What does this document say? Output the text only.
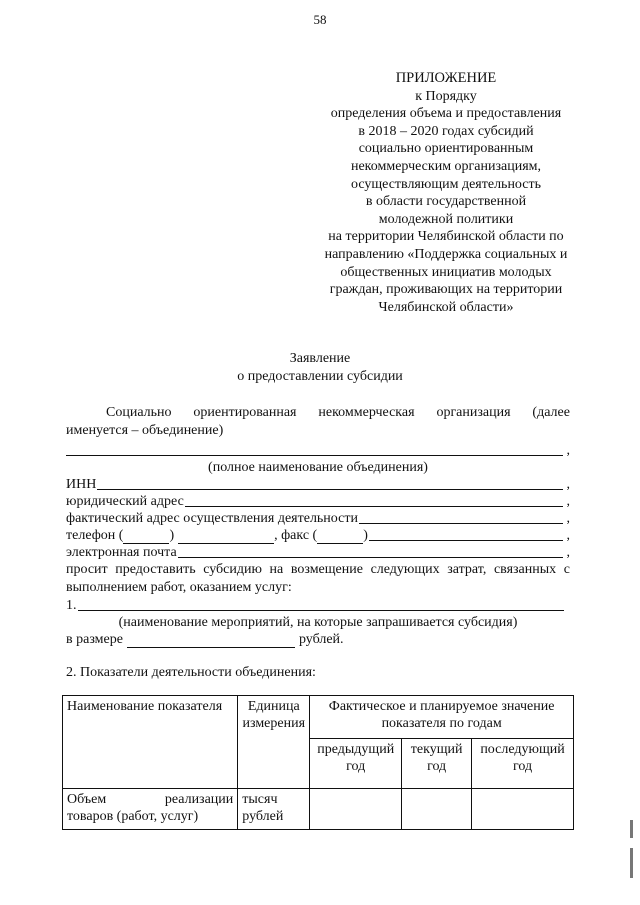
58
ПРИЛОЖЕНИЕ
к Порядку
определения объема и предоставления
в 2018 – 2020 годах субсидий
социально ориентированным
некоммерческим организациям,
осуществляющим деятельность
в области государственной
молодежной политики
на территории Челябинской области по
направлению «Поддержка социальных и
общественных инициатив молодых
граждан, проживающих на территории
Челябинской области»
Заявление
о предоставлении субсидии
Социально ориентированная некоммерческая организация (далее
именуется – объединение)
,
(полное наименование объединения)
ИНН	,
юридический адрес	,
фактический адрес осуществления деятельности	,
телефон (	)	, факс (	)	,
электронная почта	,
просит предоставить субсидию на возмещение следующих затрат, связанных с
выполнением работ, оказанием услуг:
1.
(наименование мероприятий, на которые запрашивается субсидия)
в размере	рублей.
2. Показатели деятельности объединения:
Наименование показателя	Единица измерения	Фактическое и планируемое значение показателя по годам		
		предыдущий год	текущий год	последующий год

Объем реализации
товаров (работ, услуг)	тысяч рублей			
